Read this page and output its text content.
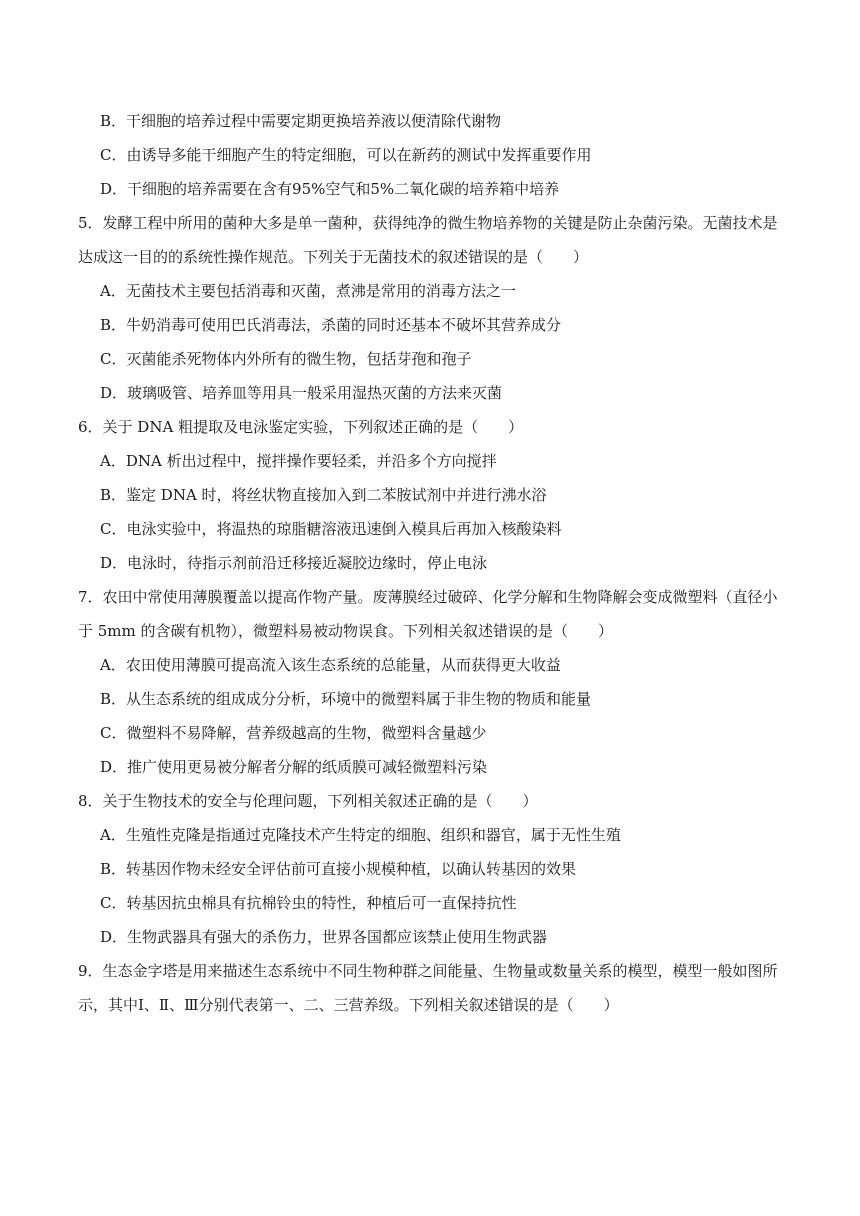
B．干细胞的培养过程中需要定期更换培养液以便清除代谢物
C．由诱导多能干细胞产生的特定细胞，可以在新药的测试中发挥重要作用
D．干细胞的培养需要在含有95%空气和5%二氧化碳的培养箱中培养
5．发酵工程中所用的菌种大多是单一菌种，获得纯净的微生物培养物的关键是防止杂菌污染。无菌技术是
达成这一目的的系统性操作规范。下列关于无菌技术的叙述错误的是（　　）
A．无菌技术主要包括消毒和灭菌，煮沸是常用的消毒方法之一
B．牛奶消毒可使用巴氏消毒法，杀菌的同时还基本不破坏其营养成分
C．灭菌能杀死物体内外所有的微生物，包括芽孢和孢子
D．玻璃吸管、培养皿等用具一般采用湿热灭菌的方法来灭菌
6．关于 DNA 粗提取及电泳鉴定实验，下列叙述正确的是（　　）
A．DNA 析出过程中，搅拌操作要轻柔，并沿多个方向搅拌
B．鉴定 DNA 时，将丝状物直接加入到二苯胺试剂中并进行沸水浴
C．电泳实验中，将温热的琼脂糖溶液迅速倒入模具后再加入核酸染料
D．电泳时，待指示剂前沿迁移接近凝胶边缘时，停止电泳
7．农田中常使用薄膜覆盖以提高作物产量。废薄膜经过破碎、化学分解和生物降解会变成微塑料（直径小
于 5mm 的含碳有机物），微塑料易被动物误食。下列相关叙述错误的是（　　）
A．农田使用薄膜可提高流入该生态系统的总能量，从而获得更大收益
B．从生态系统的组成成分分析，环境中的微塑料属于非生物的物质和能量
C．微塑料不易降解，营养级越高的生物，微塑料含量越少
D．推广使用更易被分解者分解的纸质膜可减轻微塑料污染
8．关于生物技术的安全与伦理问题，下列相关叙述正确的是（　　）
A．生殖性克隆是指通过克隆技术产生特定的细胞、组织和器官，属于无性生殖
B．转基因作物未经安全评估前可直接小规模种植，以确认转基因的效果
C．转基因抗虫棉具有抗棉铃虫的特性，种植后可一直保持抗性
D．生物武器具有强大的杀伤力，世界各国都应该禁止使用生物武器
9．生态金字塔是用来描述生态系统中不同生物种群之间能量、生物量或数量关系的模型，模型一般如图所
示，其中Ⅰ、Ⅱ、Ⅲ分别代表第一、二、三营养级。下列相关叙述错误的是（　　）
